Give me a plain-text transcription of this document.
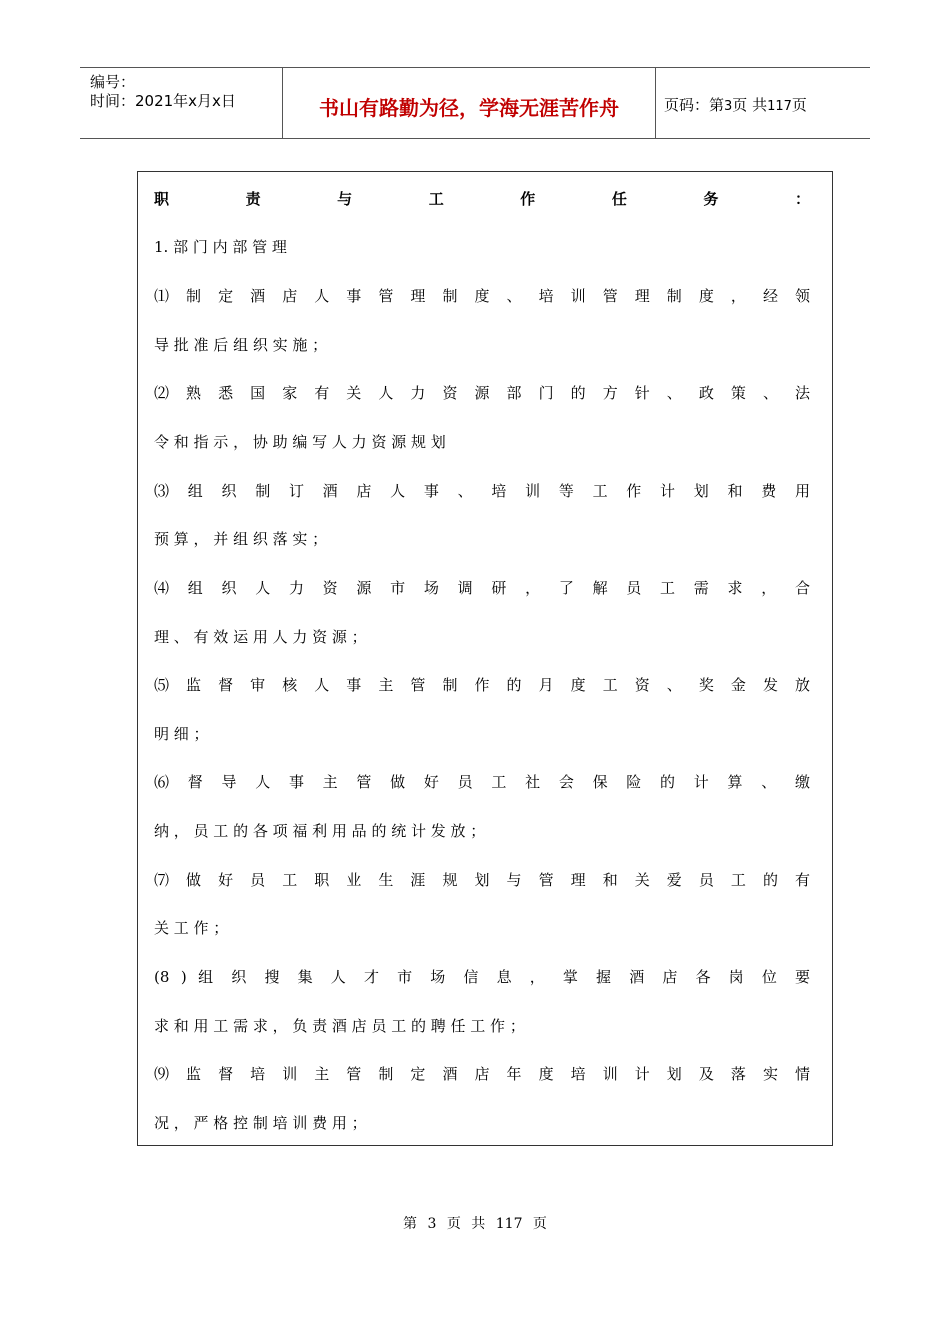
编号：
时间：2021年x月x日	书山有路勤为径，学海无涯苦作舟	页码：第3页 共117页
职 责 与 工 作 任 务 ：
1. 部 门 内 部 管 理
⑴ 制 定 酒 店 人 事 管 理 制 度 、 培 训 管 理 制 度 ， 经 领
导 批 准 后 组 织 实 施 ；
⑵ 熟 悉 国 家 有 关 人 力 资 源 部 门 的 方 针 、 政 策 、 法
令 和 指 示 ， 协 助 编 写 人 力 资 源 规 划
⑶ 组 织 制 订 酒 店 人 事 、 培 训 等 工 作 计 划 和 费 用
预 算 ， 并 组 织 落 实 ；
⑷ 组 织 人 力 资 源 市 场 调 研 ， 了 解 员 工 需 求 ， 合
理 、 有 效 运 用 人 力 资 源 ；
⑸ 监 督 审 核 人 事 主 管 制 作 的 月 度 工 资 、 奖 金 发 放
明 细 ；
⑹ 督 导 人 事 主 管 做 好 员 工 社 会 保 险 的 计 算 、 缴
纳 ， 员 工 的 各 项 福 利 用 品 的 统 计 发 放 ；
⑺ 做 好 员 工 职 业 生 涯 规 划 与 管 理 和 关 爱 员 工 的 有
关 工 作 ；
(8 ) 组 织 搜 集 人 才 市 场 信 息 ， 掌 握 酒 店 各 岗 位 要
求 和 用 工 需 求 ， 负 责 酒 店 员 工 的 聘 任 工 作 ；
⑼ 监 督 培 训 主 管 制 定 酒 店 年 度 培 训 计 划 及 落 实 情
况 ， 严 格 控 制 培 训 费 用 ；
第 3 页 共 117 页
